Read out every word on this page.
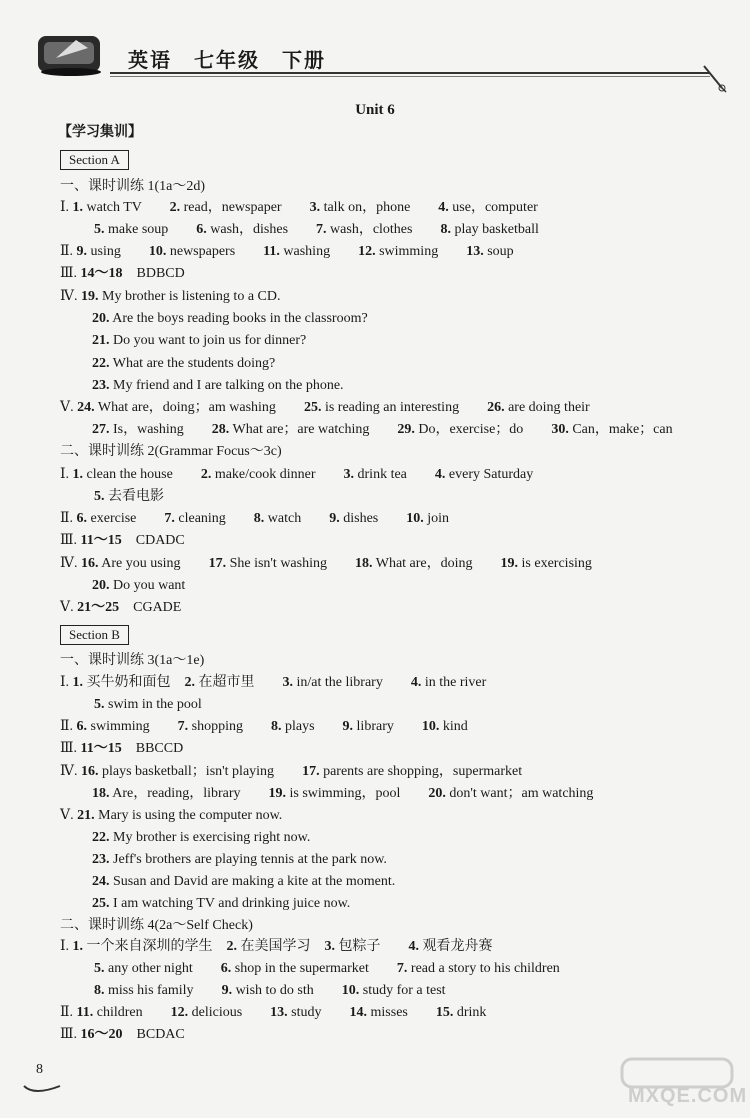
英语　七年级　下册
Unit 6
【学习集训】
Section A
一、课时训练 1(1a～2d)
Ⅰ. 1. watch TV　　2. read，newspaper　　3. talk on，phone　　4. use，computer
5. make soup　　6. wash，dishes　　7. wash，clothes　　8. play basketball
Ⅱ. 9. using　　10. newspapers　　11. washing　　12. swimming　　13. soup
Ⅲ. 14～18　BDBCD
Ⅳ. 19. My brother is listening to a CD.
20. Are the boys reading books in the classroom?
21. Do you want to join us for dinner?
22. What are the students doing?
23. My friend and I are talking on the phone.
Ⅴ. 24. What are，doing；am washing　　25. is reading an interesting　　26. are doing their
27. Is，washing　　28. What are；are watching　　29. Do，exercise；do　　30. Can，make；can
二、课时训练 2(Grammar Focus～3c)
Ⅰ. 1. clean the house　　2. make/cook dinner　　3. drink tea　　4. every Saturday
5. 去看电影
Ⅱ. 6. exercise　　7. cleaning　　8. watch　　9. dishes　　10. join
Ⅲ. 11～15　CDADC
Ⅳ. 16. Are you using　　17. She isn't washing　　18. What are，doing　　19. is exercising
20. Do you want
Ⅴ. 21～25　CGADE
Section B
一、课时训练 3(1a～1e)
Ⅰ. 1. 买牛奶和面包　2. 在超市里　　3. in/at the library　　4. in the river
5. swim in the pool
Ⅱ. 6. swimming　　7. shopping　　8. plays　　9. library　　10. kind
Ⅲ. 11～15　BBCCD
Ⅳ. 16. plays basketball；isn't playing　　17. parents are shopping，supermarket
18. Are，reading，library　　19. is swimming，pool　　20. don't want；am watching
Ⅴ. 21. Mary is using the computer now.
22. My brother is exercising right now.
23. Jeff's brothers are playing tennis at the park now.
24. Susan and David are making a kite at the moment.
25. I am watching TV and drinking juice now.
二、课时训练 4(2a～Self Check)
Ⅰ. 1. 一个来自深圳的学生　2. 在美国学习　3. 包粽子　　4. 观看龙舟赛
5. any other night　　6. shop in the supermarket　　7. read a story to his children
8. miss his family　　9. wish to do sth　　10. study for a test
Ⅱ. 11. children　　12. delicious　　13. study　　14. misses　　15. drink
Ⅲ. 16～20　BCDAC
8
MXQE.COM
